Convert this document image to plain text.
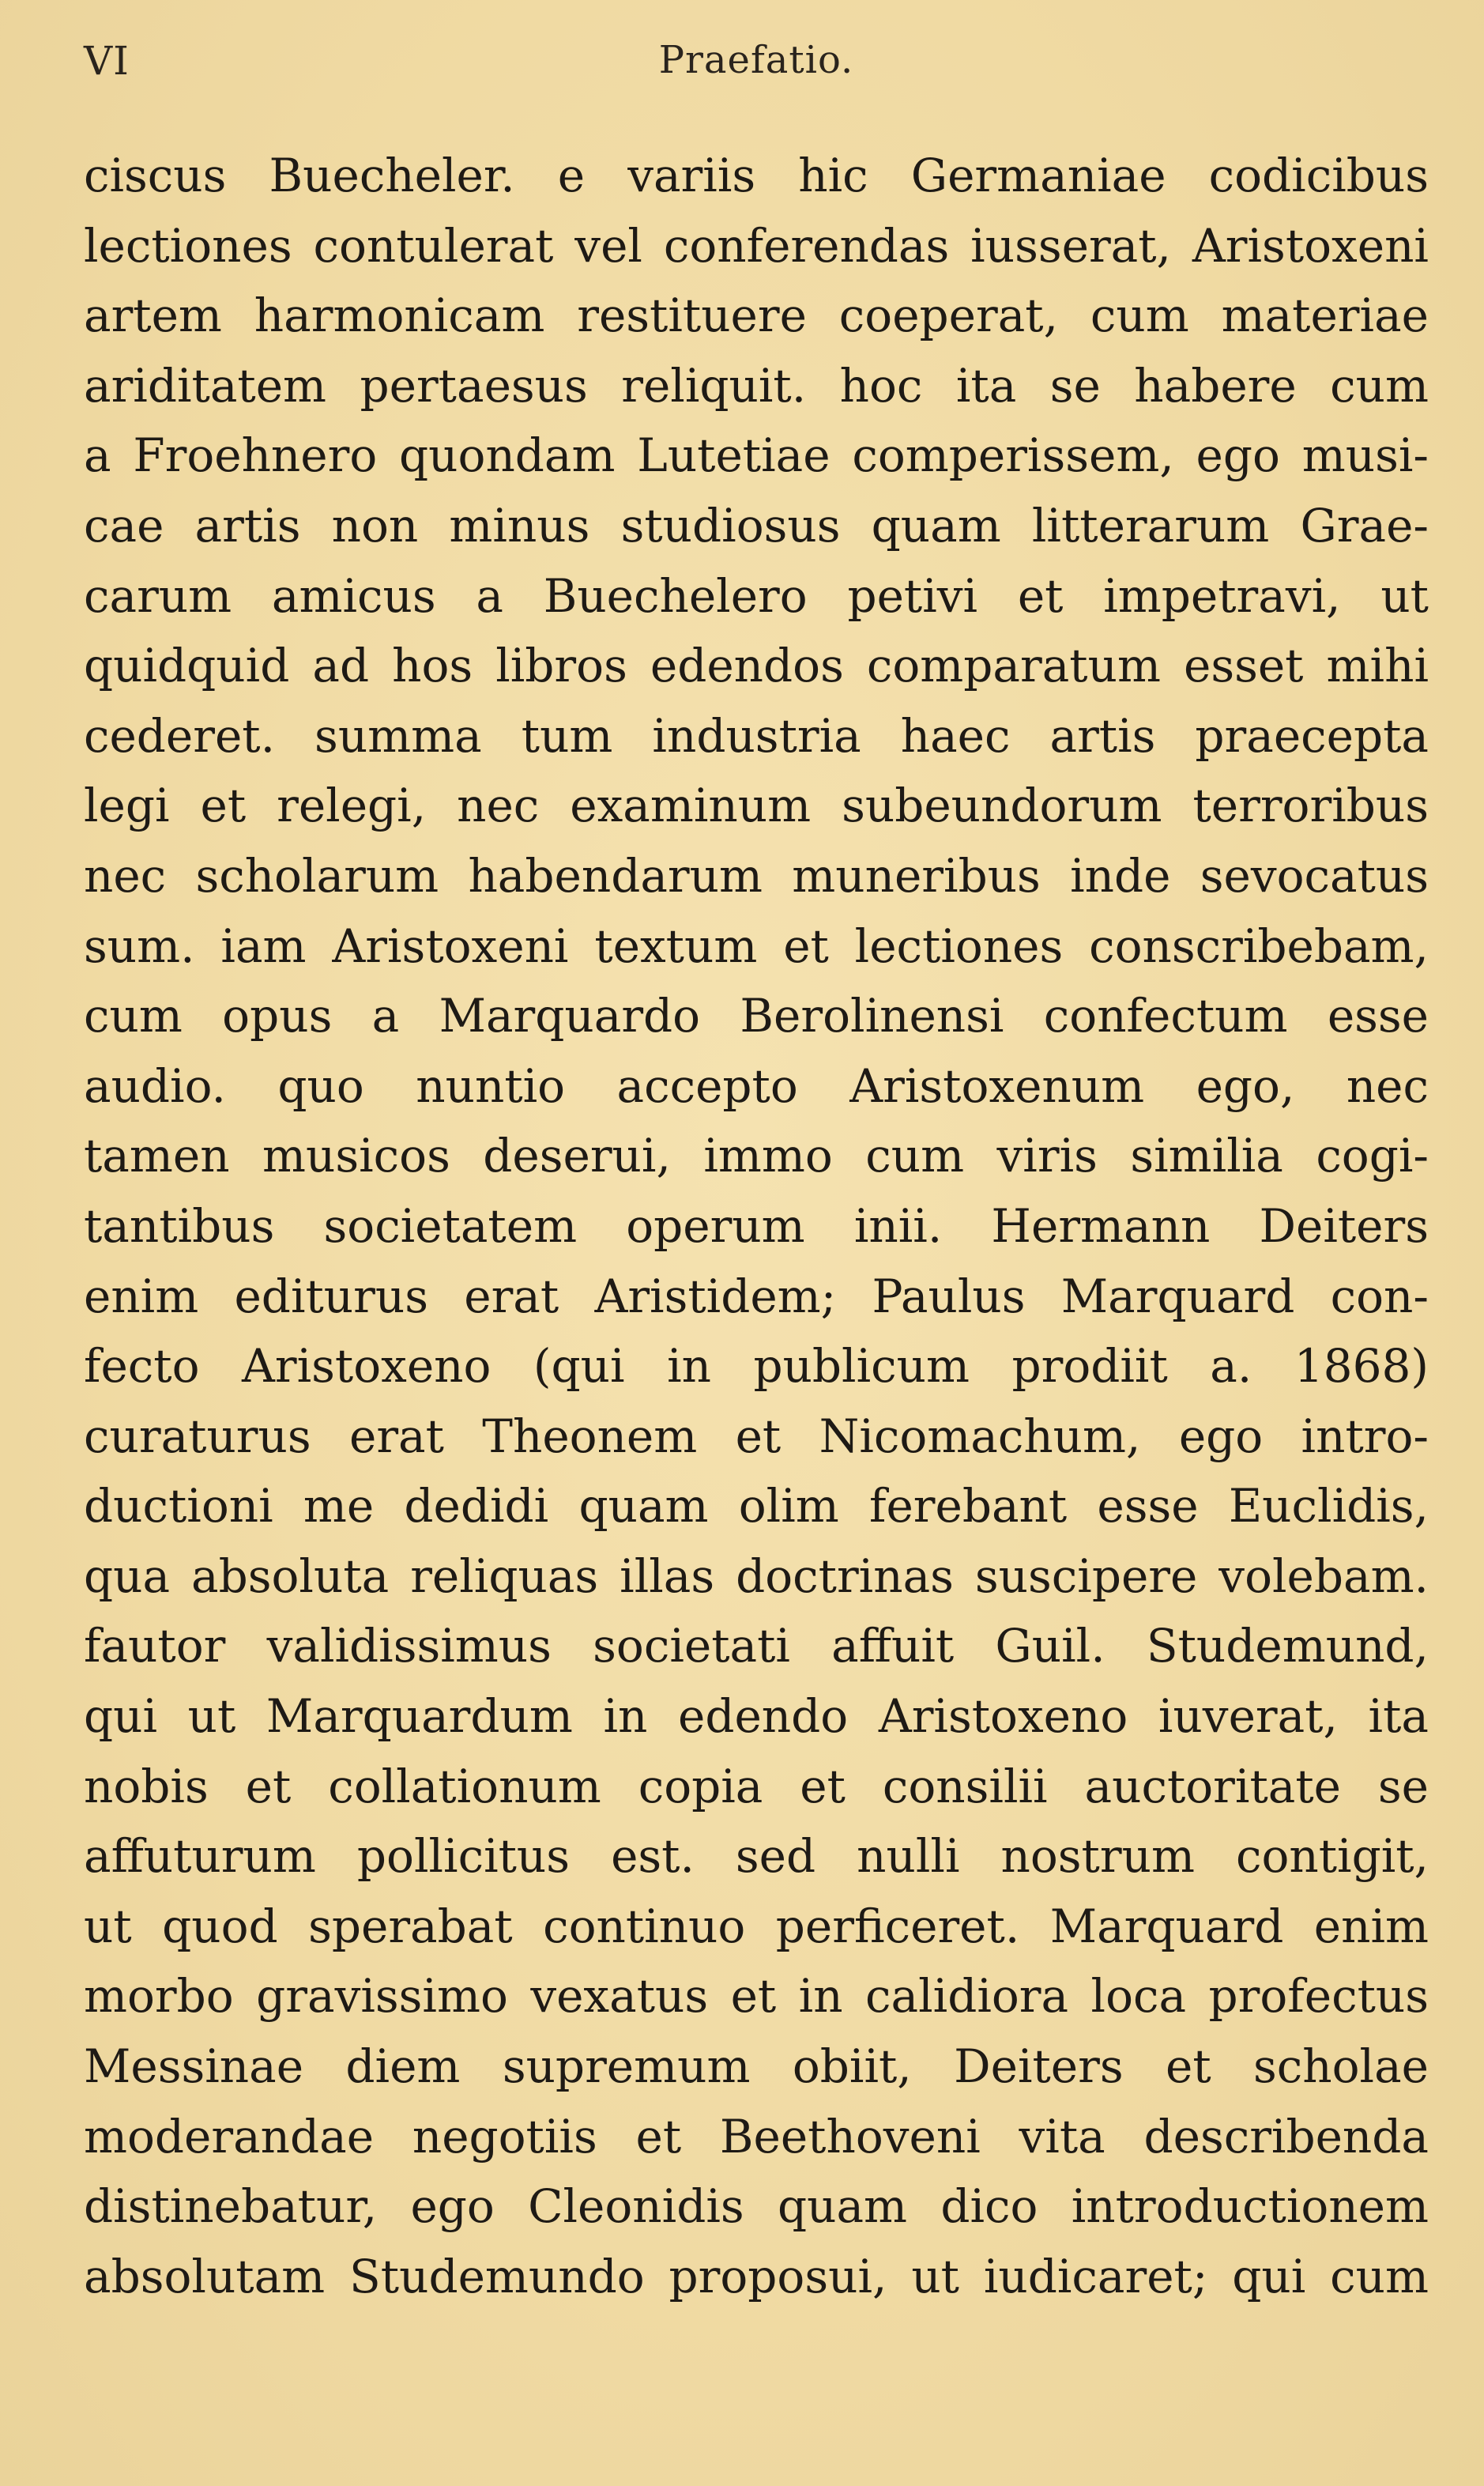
VI	Praefatio.
ciscus Buecheler. e variis hic Germaniae codicibus
lectiones contulerat vel conferendas iusserat, Aristoxeni
artem harmonicam restituere coeperat, cum materiae
ariditatem pertaesus reliquit. hoc ita se habere cum
a Froehnero quondam Lutetiae comperissem, ego musi-
cae artis non minus studiosus quam litterarum Grae-
carum amicus a Buechelero petivi et impetravi, ut
quidquid ad hos libros edendos comparatum esset mihi
cederet. summa tum industria haec artis praecepta
legi et relegi, nec examinum subeundorum terroribus
nec scholarum habendarum muneribus inde sevocatus
sum. iam Aristoxeni textum et lectiones conscribebam,
cum opus a Marquardo Berolinensi confectum esse
audio. quo nuntio accepto Aristoxenum ego, nec
tamen musicos deserui, immo cum viris similia cogi-
tantibus societatem operum inii. Hermann Deiters
enim editurus erat Aristidem; Paulus Marquard con-
fecto Aristoxeno (qui in publicum prodiit a. 1868)
curaturus erat Theonem et Nicomachum, ego intro-
ductioni me dedidi quam olim ferebant esse Euclidis,
qua absoluta reliquas illas doctrinas suscipere volebam.
fautor validissimus societati affuit Guil. Studemund,
qui ut Marquardum in edendo Aristoxeno iuverat, ita
nobis et collationum copia et consilii auctoritate se
affuturum pollicitus est. sed nulli nostrum contigit,
ut quod sperabat continuo perficeret. Marquard enim
morbo gravissimo vexatus et in calidiora loca profectus
Messinae diem supremum obiit, Deiters et scholae
moderandae negotiis et Beethoveni vita describenda
distinebatur, ego Cleonidis quam dico introductionem
absolutam Studemundo proposui, ut iudicaret; qui cum
